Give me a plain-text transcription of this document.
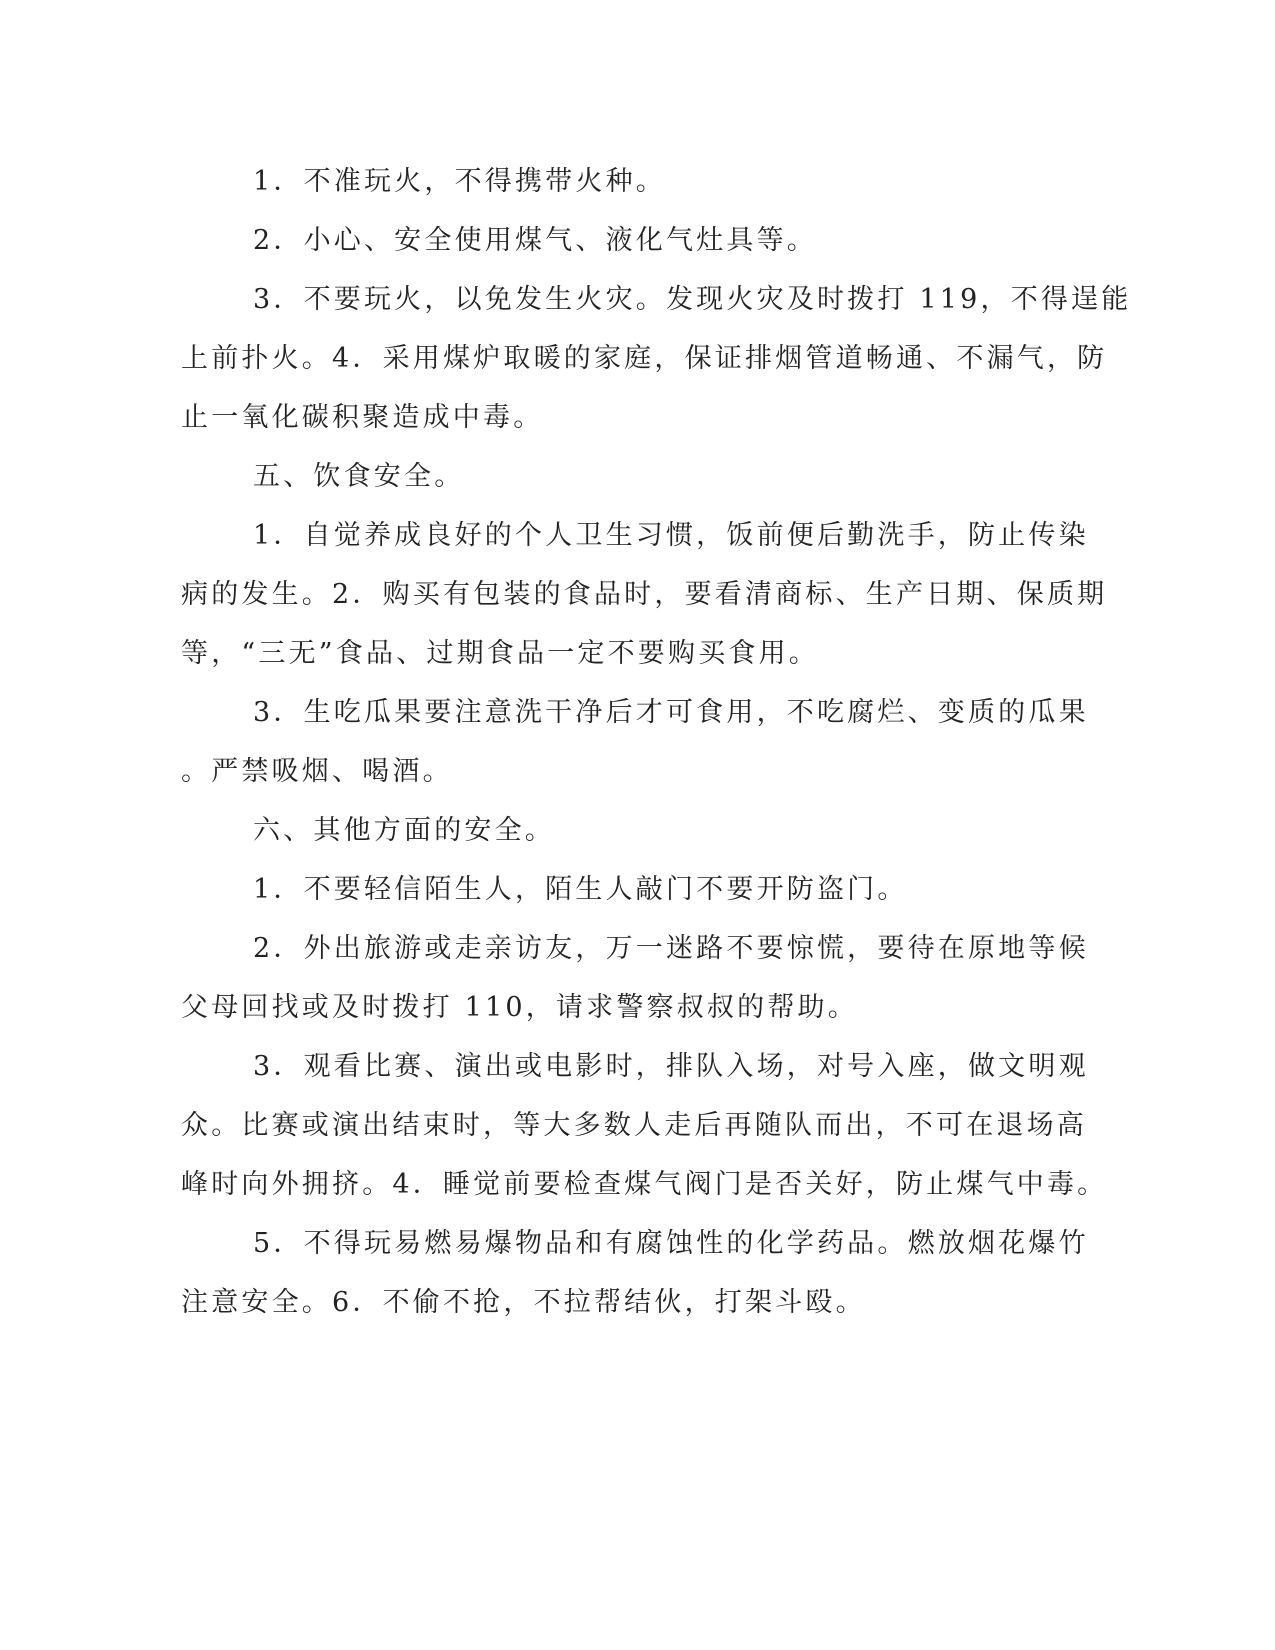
1．不准玩火，不得携带火种。
2．小心、安全使用煤气、液化气灶具等。
3．不要玩火，以免发生火灾。发现火灾及时拨打 119，不得逞能
上前扑火。4．采用煤炉取暖的家庭，保证排烟管道畅通、不漏气，防
止一氧化碳积聚造成中毒。
五、饮食安全。
1．自觉养成良好的个人卫生习惯，饭前便后勤洗手，防止传染
病的发生。2．购买有包装的食品时，要看清商标、生产日期、保质期
等，“三无”食品、过期食品一定不要购买食用。
3．生吃瓜果要注意洗干净后才可食用，不吃腐烂、变质的瓜果
。严禁吸烟、喝酒。
六、其他方面的安全。
1．不要轻信陌生人，陌生人敲门不要开防盗门。
2．外出旅游或走亲访友，万一迷路不要惊慌，要待在原地等候
父母回找或及时拨打 110，请求警察叔叔的帮助。
3．观看比赛、演出或电影时，排队入场，对号入座，做文明观
众。比赛或演出结束时，等大多数人走后再随队而出，不可在退场高
峰时向外拥挤。4．睡觉前要检查煤气阀门是否关好，防止煤气中毒。
5．不得玩易燃易爆物品和有腐蚀性的化学药品。燃放烟花爆竹
注意安全。6．不偷不抢，不拉帮结伙，打架斗殴。
